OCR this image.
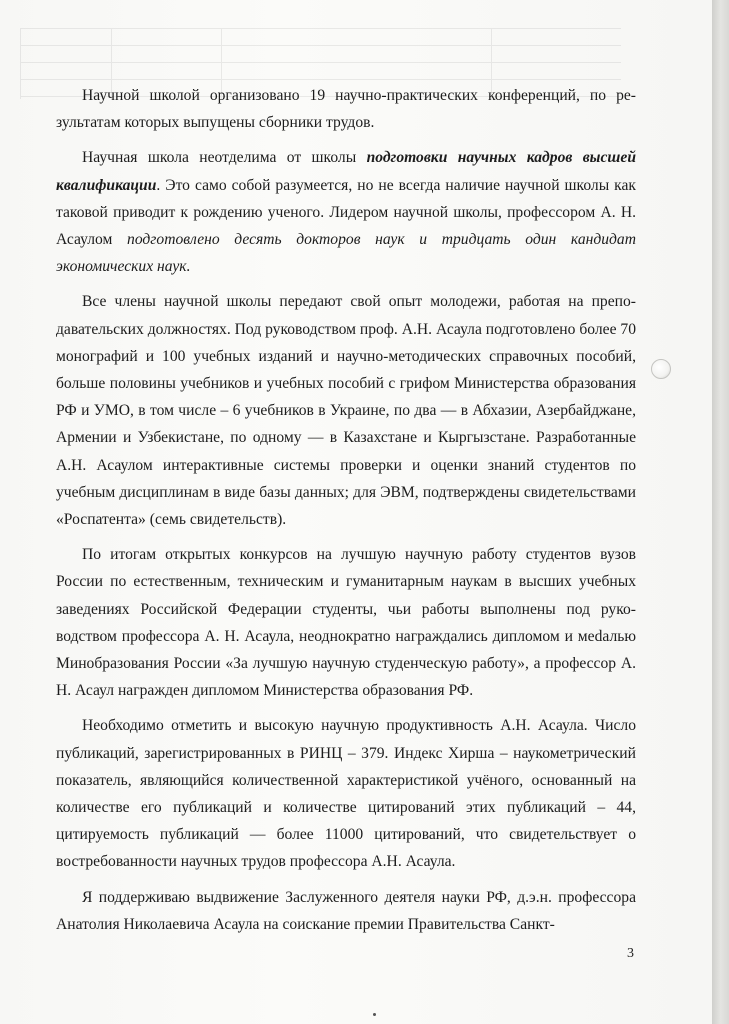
Научной школой организовано 19 научно-практических конференций, по результатам которых выпущены сборники трудов.

Научная школа неотделима от школы подготовки научных кадров высшей квалификации. Это само собой разумеется, но не всегда наличие научной школы как таковой приводит к рождению ученого. Лидером научной школы, профессором А. Н. Асаулом подготовлено десять докторов наук и тридцать один кандидат экономических наук.

Все члены научной школы передают свой опыт молодежи, работая на преподавательских должностях. Под руководством проф. А.Н. Асаула подготовлено более 70 монографий и 100 учебных изданий и научно-методических справочных пособий, больше половины учебников и учебных пособий с грифом Министерства образования РФ и УМО, в том числе – 6 учебников в Украине, по два — в Абхазии, Азербайджане, Армении и Узбекистане, по одному — в Казахстане и Кыргызстане. Разработанные А.Н. Асаулом интерактивные системы проверки и оценки знаний студентов по учебным дисциплинам в виде базы данных; для ЭВМ, подтверждены свидетельствами «Роспатента» (семь свидетельств).

По итогам открытых конкурсов на лучшую научную работу студентов вузов России по естественным, техническим и гуманитарным наукам в высших учебных заведениях Российской Федерации студенты, чьи работы выполнены под руководством профессора А. Н. Асаула, неоднократно награждались дипломом и меdалью Минобразования России «За лучшую научную студенческую работу», а профессор А. Н. Асаул награжден дипломом Министерства образования РФ.

Необходимо отметить и высокую научную продуктивность А.Н. Асаула. Число публикаций, зарегистрированных в РИНЦ – 379. Индекс Хирша – наукометрический показатель, являющийся количественной характеристикой учёного, основанный на количестве его публикаций и количестве цитирований этих публикаций – 44, цитируемость публикаций — более 11000 цитирований, что свидетельствует о востребованности научных трудов профессора А.Н. Асаула.

Я поддерживаю выдвижение Заслуженного деятеля науки РФ, д.э.н. профессора Анатолия Николаевича Асаула на соискание премии Правительства Санкт-

3
